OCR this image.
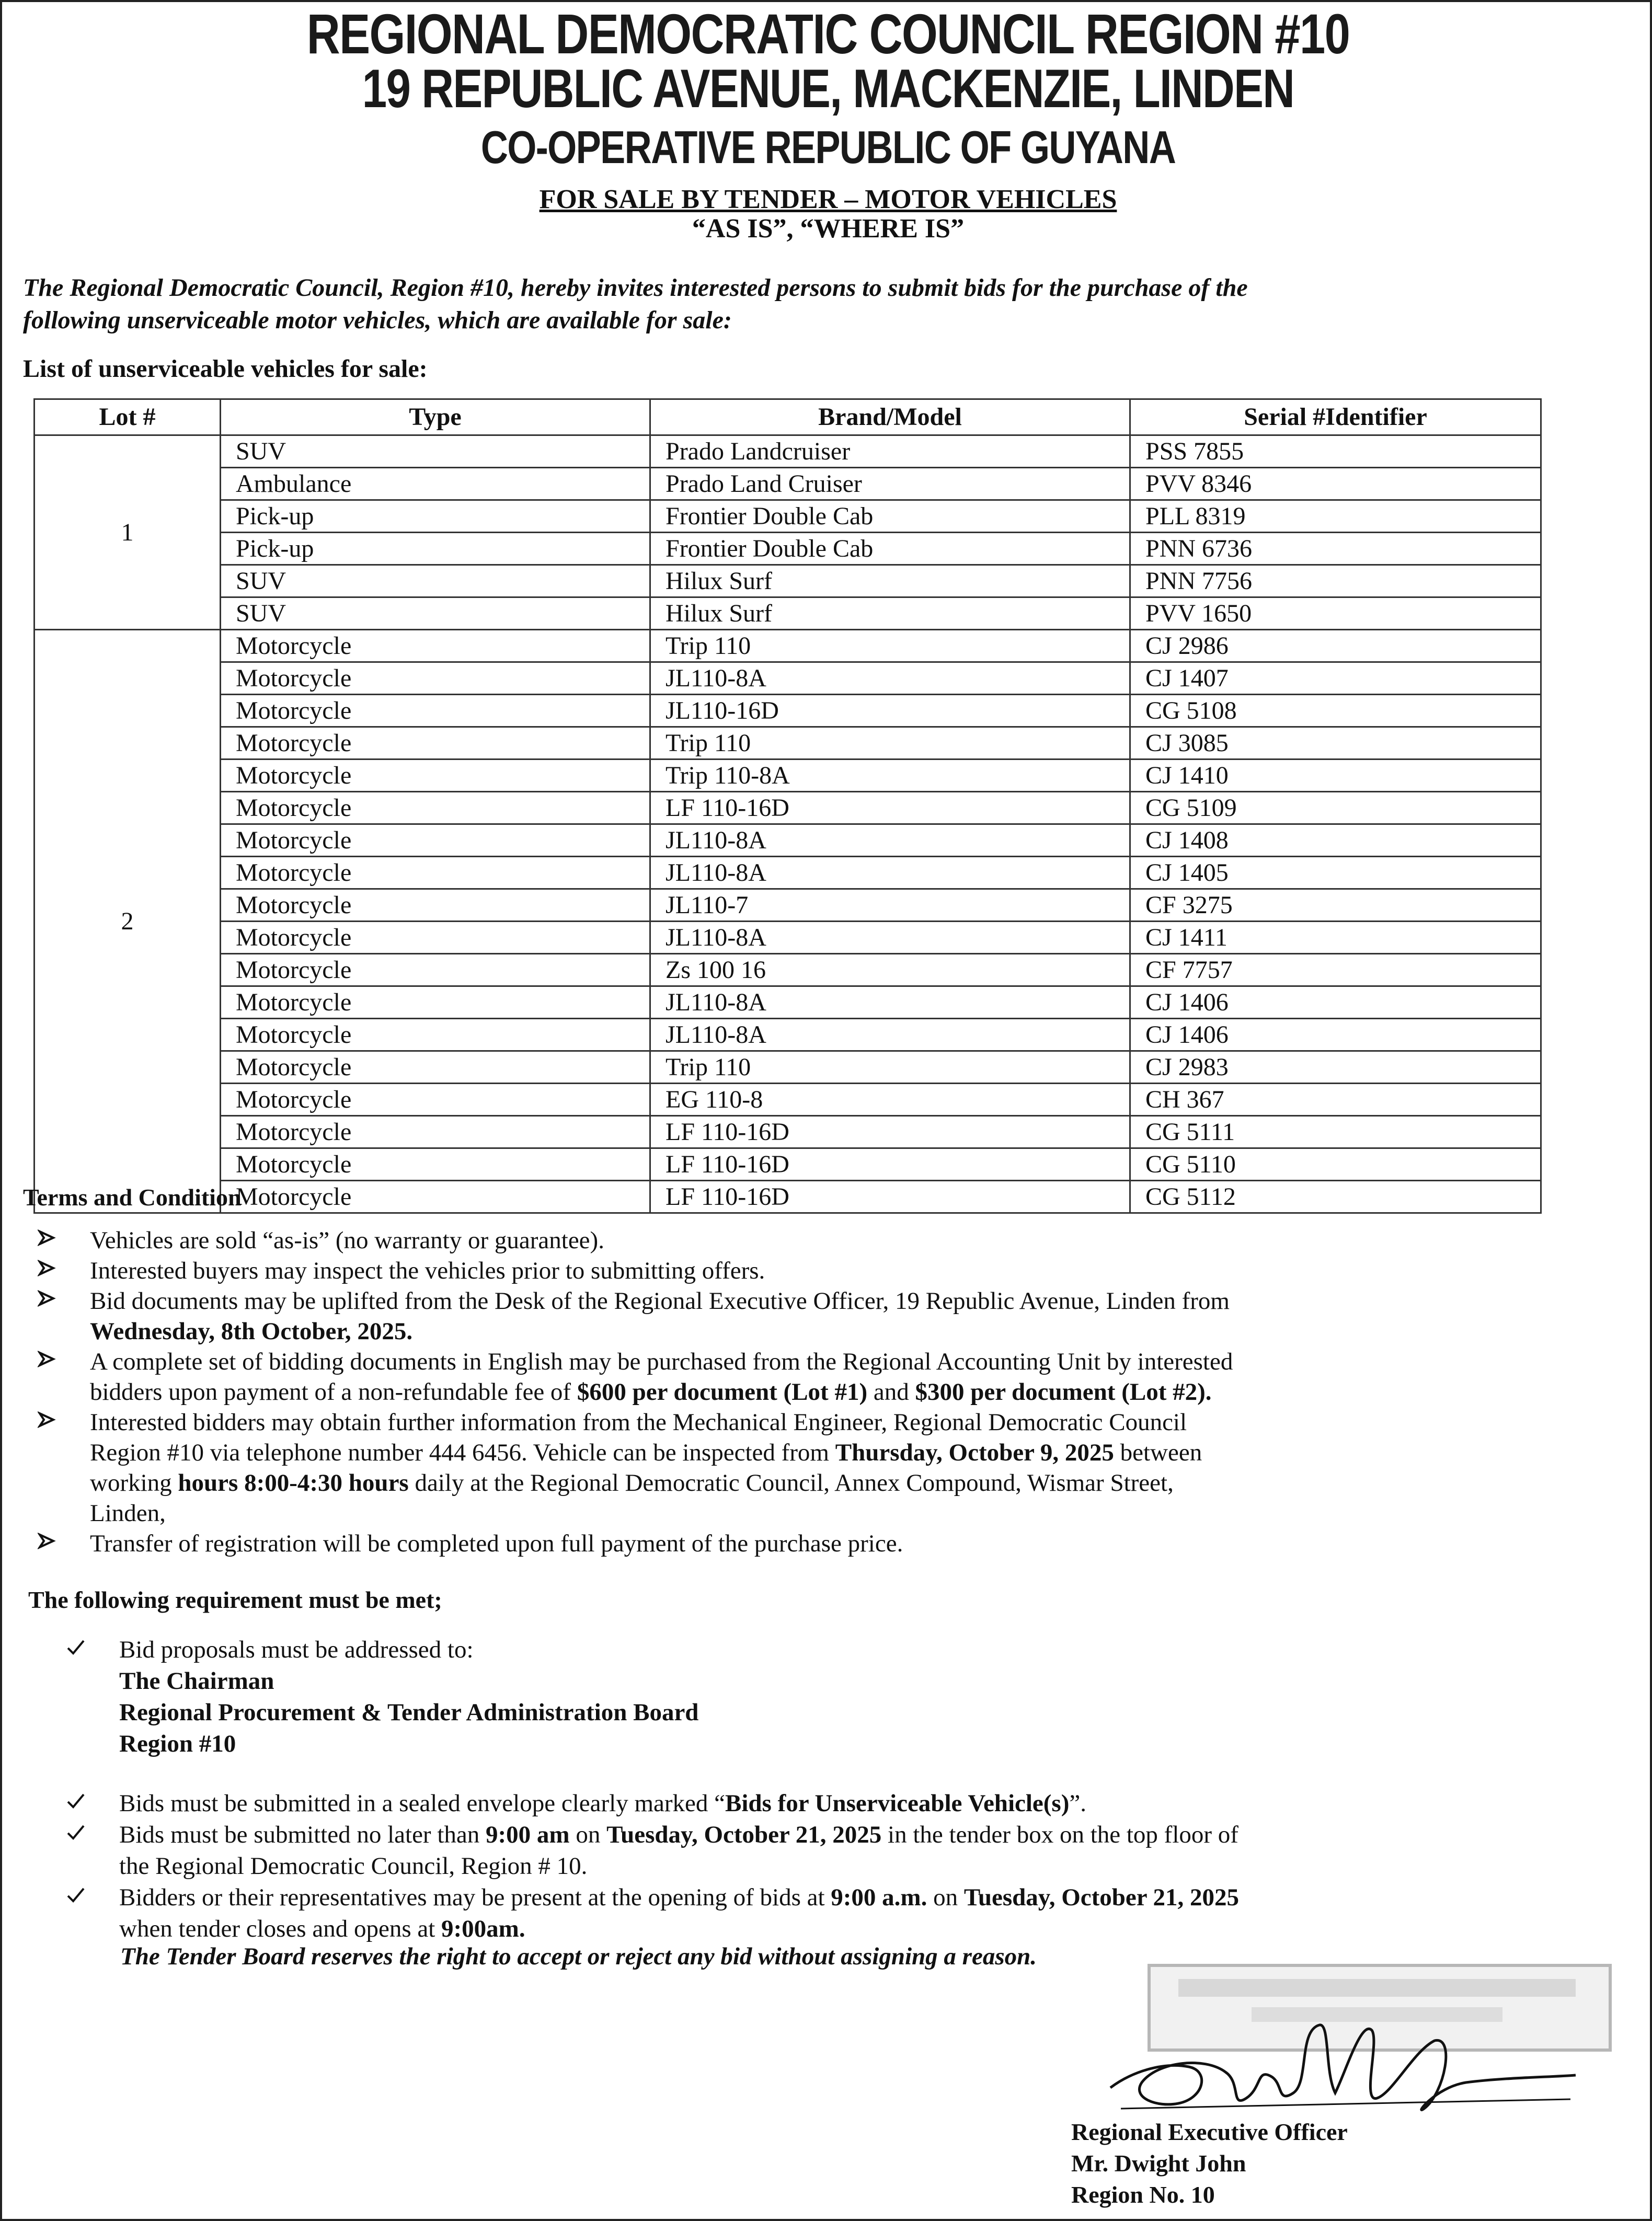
REGIONAL DEMOCRATIC COUNCIL REGION #10
19 REPUBLIC AVENUE, MACKENZIE, LINDEN
CO-OPERATIVE REPUBLIC OF GUYANA
FOR SALE BY TENDER – MOTOR VEHICLES
“AS IS”, “WHERE IS”

The Regional Democratic Council, Region #10, hereby invites interested persons to submit bids for the purchase of the

following unserviceable motor vehicles, which are available for sale:

List of unserviceable vehicles for sale:
Lot #	Type	Brand/Model	Serial #Identifier
1	SUV	Prado Landcruiser	PSS 7855
	Ambulance	Prado Land Cruiser	PVV 8346
	Pick-up	Frontier Double Cab	PLL 8319
	Pick-up	Frontier Double Cab	PNN 6736
	SUV	Hilux Surf	PNN 7756
	SUV	Hilux Surf	PVV 1650
2	Motorcycle	Trip 110	CJ 2986
	Motorcycle	JL110-8A	CJ 1407
	Motorcycle	JL110-16D	CG 5108
	Motorcycle	Trip 110	CJ 3085
	Motorcycle	Trip 110-8A	CJ 1410
	Motorcycle	LF 110-16D	CG 5109
	Motorcycle	JL110-8A	CJ 1408
	Motorcycle	JL110-8A	CJ 1405
	Motorcycle	JL110-7	CF 3275
	Motorcycle	JL110-8A	CJ 1411
	Motorcycle	Zs 100 16	CF 7757
	Motorcycle	JL110-8A	CJ 1406
	Motorcycle	JL110-8A	CJ 1406
	Motorcycle	Trip 110	CJ 2983
	Motorcycle	EG 110-8	CH 367
	Motorcycle	LF 110-16D	CG 5111
	Motorcycle	LF 110-16D	CG 5110
	Motorcycle	LF 110-16D	CG 5112
Terms and Condition
Vehicles are sold “as-is” (no warranty or guarantee).
Interested buyers may inspect the vehicles prior to submitting offers.
Bid documents may be uplifted from the Desk of the Regional Executive Officer, 19 Republic Avenue, Linden from
Wednesday, 8th October, 2025.
A complete set of bidding documents in English may be purchased from the Regional Accounting Unit by interested
bidders upon payment of a non-refundable fee of $600 per document (Lot #1) and $300 per document (Lot #2).
Interested bidders may obtain further information from the Mechanical Engineer, Regional Democratic Council
Region #10 via telephone number 444 6456. Vehicle can be inspected from Thursday, October 9, 2025 between
working hours 8:00-4:30 hours daily at the Regional Democratic Council, Annex Compound, Wismar Street,
Linden,
Transfer of registration will be completed upon full payment of the purchase price.
The following requirement must be met;
Bid proposals must be addressed to:
The Chairman
Regional Procurement & Tender Administration Board
Region #10
Bids must be submitted in a sealed envelope clearly marked “Bids for Unserviceable Vehicle(s)”.
Bids must be submitted no later than 9:00 am on Tuesday, October 21, 2025 in the tender box on the top floor of
the Regional Democratic Council, Region # 10.
Bidders or their representatives may be present at the opening of bids at 9:00 a.m. on Tuesday, October 21, 2025
when tender closes and opens at 9:00am.
The Tender Board reserves the right to accept or reject any bid without assigning a reason.
Regional Executive Officer
Mr. Dwight John
Region No. 10
